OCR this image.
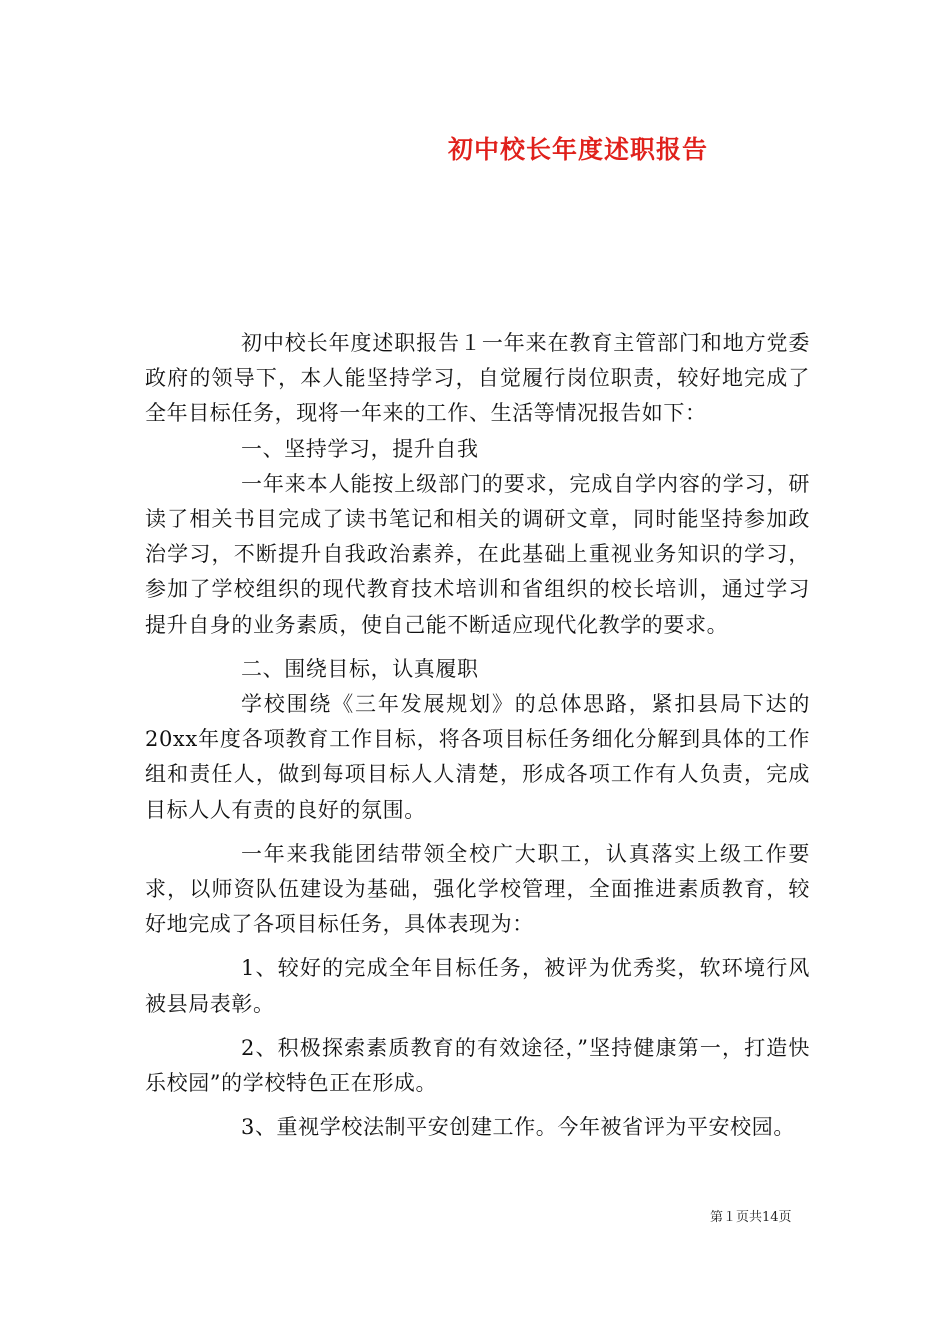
初中校长年度述职报告

初中校长年度述职报告１一年来在教育主管部门和地方党委政府的领导下，本人能坚持学习，自觉履行岗位职责，较好地完成了全年目标任务，现将一年来的工作、生活等情况报告如下：

一、坚持学习，提升自我

一年来本人能按上级部门的要求，完成自学内容的学习，研读了相关书目完成了读书笔记和相关的调研文章，同时能坚持参加政治学习，不断提升自我政治素养，在此基础上重视业务知识的学习，参加了学校组织的现代教育技术培训和省组织的校长培训，通过学习提升自身的业务素质，使自己能不断适应现代化教学的要求。

二、围绕目标，认真履职

学校围绕《三年发展规划》的总体思路，紧扣县局下达的20xx年度各项教育工作目标，将各项目标任务细化分解到具体的工作组和责任人，做到每项目标人人清楚，形成各项工作有人负责，完成目标人人有责的良好的氛围。

一年来我能团结带领全校广大职工，认真落实上级工作要求，以师资队伍建设为基础，强化学校管理，全面推进素质教育，较好地完成了各项目标任务，具体表现为：

1、较好的完成全年目标任务，被评为优秀奖，软环境行风被县局表彰。

2、积极探索素质教育的有效途径，”坚持健康第一，打造快乐校园”的学校特色正在形成。

3、重视学校法制平安创建工作。今年被省评为平安校园。

第１页共14页
